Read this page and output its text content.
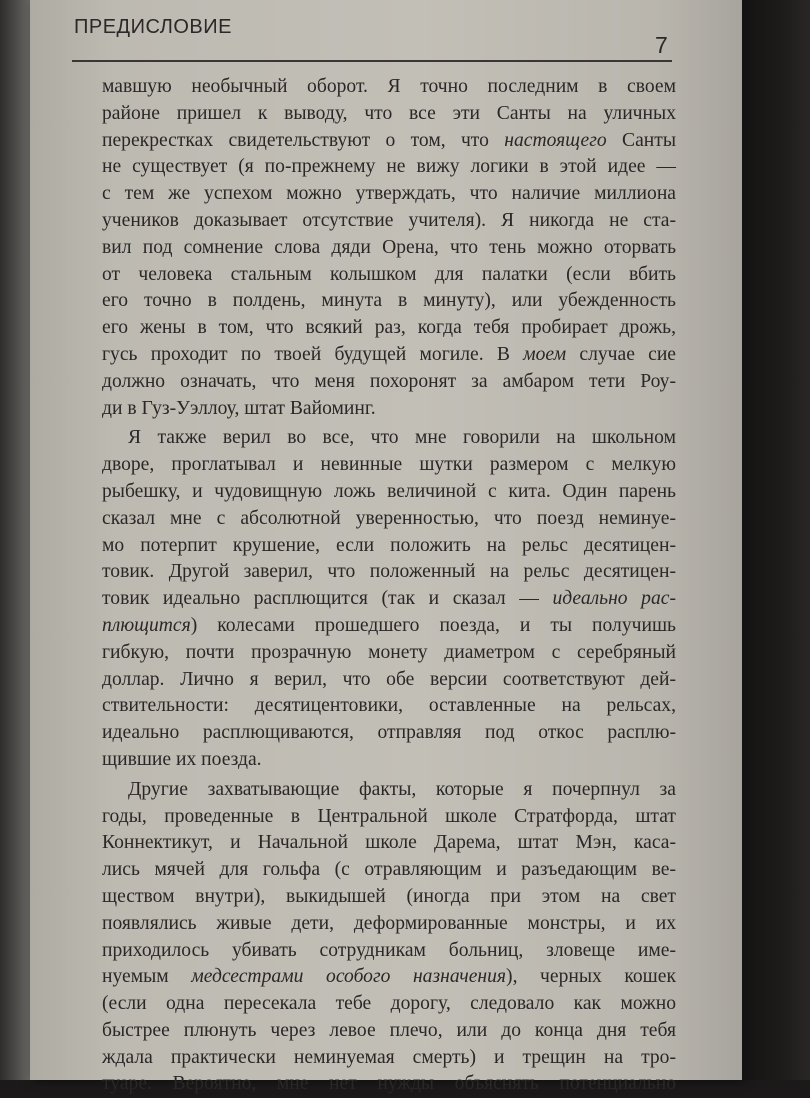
ПРЕДИСЛОВИЕ
7
мавшую необычный оборот. Я точно последним в своем
районе пришел к выводу, что все эти Санты на уличных
перекрестках свидетельствуют о том, что настоящего Санты
не существует (я по-прежнему не вижу логики в этой идее —
с тем же успехом можно утверждать, что наличие миллиона
учеников доказывает отсутствие учителя). Я никогда не ста-
вил под сомнение слова дяди Орена, что тень можно оторвать
от человека стальным колышком для палатки (если вбить
его точно в полдень, минута в минуту), или убежденность
его жены в том, что всякий раз, когда тебя пробирает дрожь,
гусь проходит по твоей будущей могиле. В моем случае сие
должно означать, что меня похоронят за амбаром тети Роу-
ди в Гуз-Уэллоу, штат Вайоминг.
Я также верил во все, что мне говорили на школьном
дворе, проглатывал и невинные шутки размером с мелкую
рыбешку, и чудовищную ложь величиной с кита. Один парень
сказал мне с абсолютной уверенностью, что поезд неминуе-
мо потерпит крушение, если положить на рельс десятицен-
товик. Другой заверил, что положенный на рельс десятицен-
товик идеально расплющится (так и сказал — идеально рас-
плющится) колесами прошедшего поезда, и ты получишь
гибкую, почти прозрачную монету диаметром с серебряный
доллар. Лично я верил, что обе версии соответствуют дей-
ствительности: десятицентовики, оставленные на рельсах,
идеально расплющиваются, отправляя под откос расплю-
щившие их поезда.
Другие захватывающие факты, которые я почерпнул за
годы, проведенные в Центральной школе Стратфорда, штат
Коннектикут, и Начальной школе Дарема, штат Мэн, каса-
лись мячей для гольфа (с отравляющим и разъедающим ве-
ществом внутри), выкидышей (иногда при этом на свет
появлялись живые дети, деформированные монстры, и их
приходилось убивать сотрудникам больниц, зловеще име-
нуемым медсестрами особого назначения), черных кошек
(если одна пересекала тебе дорогу, следовало как можно
быстрее плюнуть через левое плечо, или до конца дня тебя
ждала практически неминуемая смерть) и трещин на тро-
туаре. Вероятно, мне нет нужды объяснять потенциально
